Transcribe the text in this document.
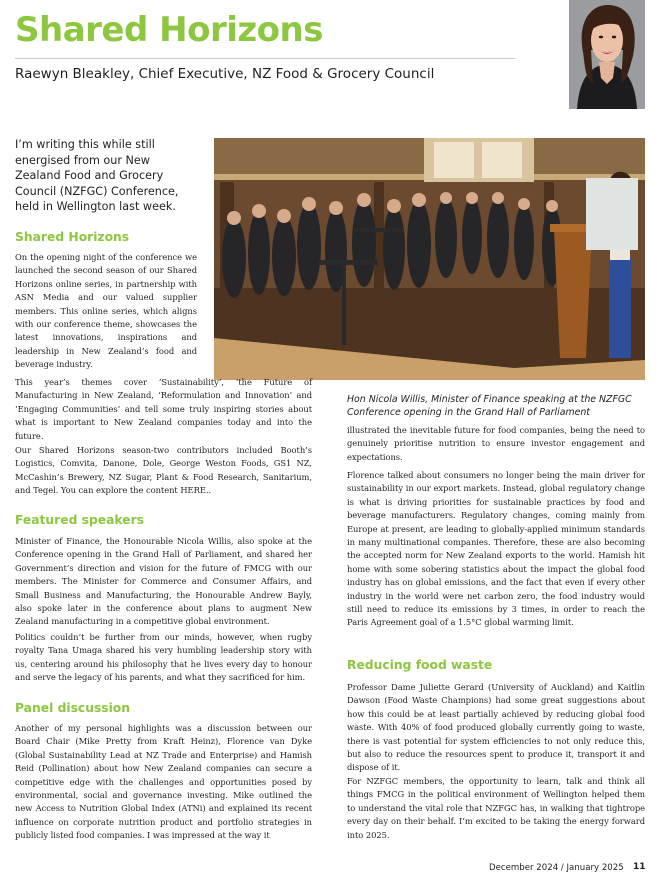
Shared Horizons

Raewyn Bleakley, Chief Executive, NZ Food & Grocery Council

I’m writing this while still energised from our New Zealand Food and Grocery Council (NZFGC) Conference, held in Wellington last week.

Hon Nicola Willis, Minister of Finance speaking at the NZFGC Conference opening in the Grand Hall of Parliament

Shared Horizons

On the opening night of the conference we launched the second season of our Shared Horizons online series, in partnership with ASN Media and our valued supplier members. This online series, which aligns with our conference theme, showcases the latest innovations, inspirations and leadership in New Zealand’s food and beverage industry.

This year’s themes cover ‘Sustainability’, ‘the Future of Manufacturing in New Zealand, ‘Reformulation and Innovation’ and ‘Engaging Communities’ and tell some truly inspiring stories about what is important to New Zealand companies today and into the future.

Our Shared Horizons season-two contributors included Booth’s Logistics, Comvita, Danone, Dole, George Weston Foods, GS1 NZ, McCashin’s Brewery, NZ Sugar, Plant & Food Research, Sanitarium, and Tegel. You can explore the content HERE..

Featured speakers

Minister of Finance, the Honourable Nicola Willis, also spoke at the Conference opening in the Grand Hall of Parliament, and shared her Government’s direction and vision for the future of FMCG with our members. The Minister for Commerce and Consumer Affairs, and Small Business and Manufacturing, the Honourable Andrew Bayly, also spoke later in the conference about plans to augment New Zealand manufacturing in a competitive global environment.

Politics couldn’t be further from our minds, however, when rugby royalty Tana Umaga shared his very humbling leadership story with us, centering around his philosophy that he lives every day to honour and serve the legacy of his parents, and what they sacrificed for him.

Panel discussion

Another of my personal highlights was a discussion between our Board Chair (Mike Pretty from Kraft Heinz), Florence van Dyke (Global Sustainability Lead at NZ Trade and Enterprise) and Hamish Reid (Pollination) about how New Zealand companies can secure a competitive edge with the challenges and opportunities posed by environmental, social and governance investing. Mike outlined the new Access to Nutrition Global Index (ATNi) and explained its recent influence on corporate nutrition product and portfolio strategies in publicly listed food companies. I was impressed at the way it

illustrated the inevitable future for food companies, being the need to genuinely prioritise nutrition to ensure investor engagement and expectations.

Florence talked about consumers no longer being the main driver for sustainability in our export markets. Instead, global regulatory change is what is driving priorities for sustainable practices by food and beverage manufacturers. Regulatory changes, coming mainly from Europe at present, are leading to globally-applied minimum standards in many multinational companies. Therefore, these are also becoming the accepted norm for New Zealand exports to the world. Hamish hit home with some sobering statistics about the impact the global food industry has on global emissions, and the fact that even if every other industry in the world were net carbon zero, the food industry would still need to reduce its emissions by 3 times, in order to reach the Paris Agreement goal of a 1.5°C global warming limit.

Reducing food waste

Professor Dame Juliette Gerard (University of Auckland) and Kaitlin Dawson (Food Waste Champions) had some great suggestions about how this could be at least partially achieved by reducing global food waste. With 40% of food produced globally currently going to waste, there is vast potential for system efficiencies to not only reduce this, but also to reduce the resources spent to produce it, transport it and dispose of it.

For NZFGC members, the opportunity to learn, talk and think all things FMCG in the political environment of Wellington helped them to understand the vital role that NZFGC has, in walking that tightrope every day on their behalf. I’m excited to be taking the energy forward into 2025.

December 2024 / January 2025 11
